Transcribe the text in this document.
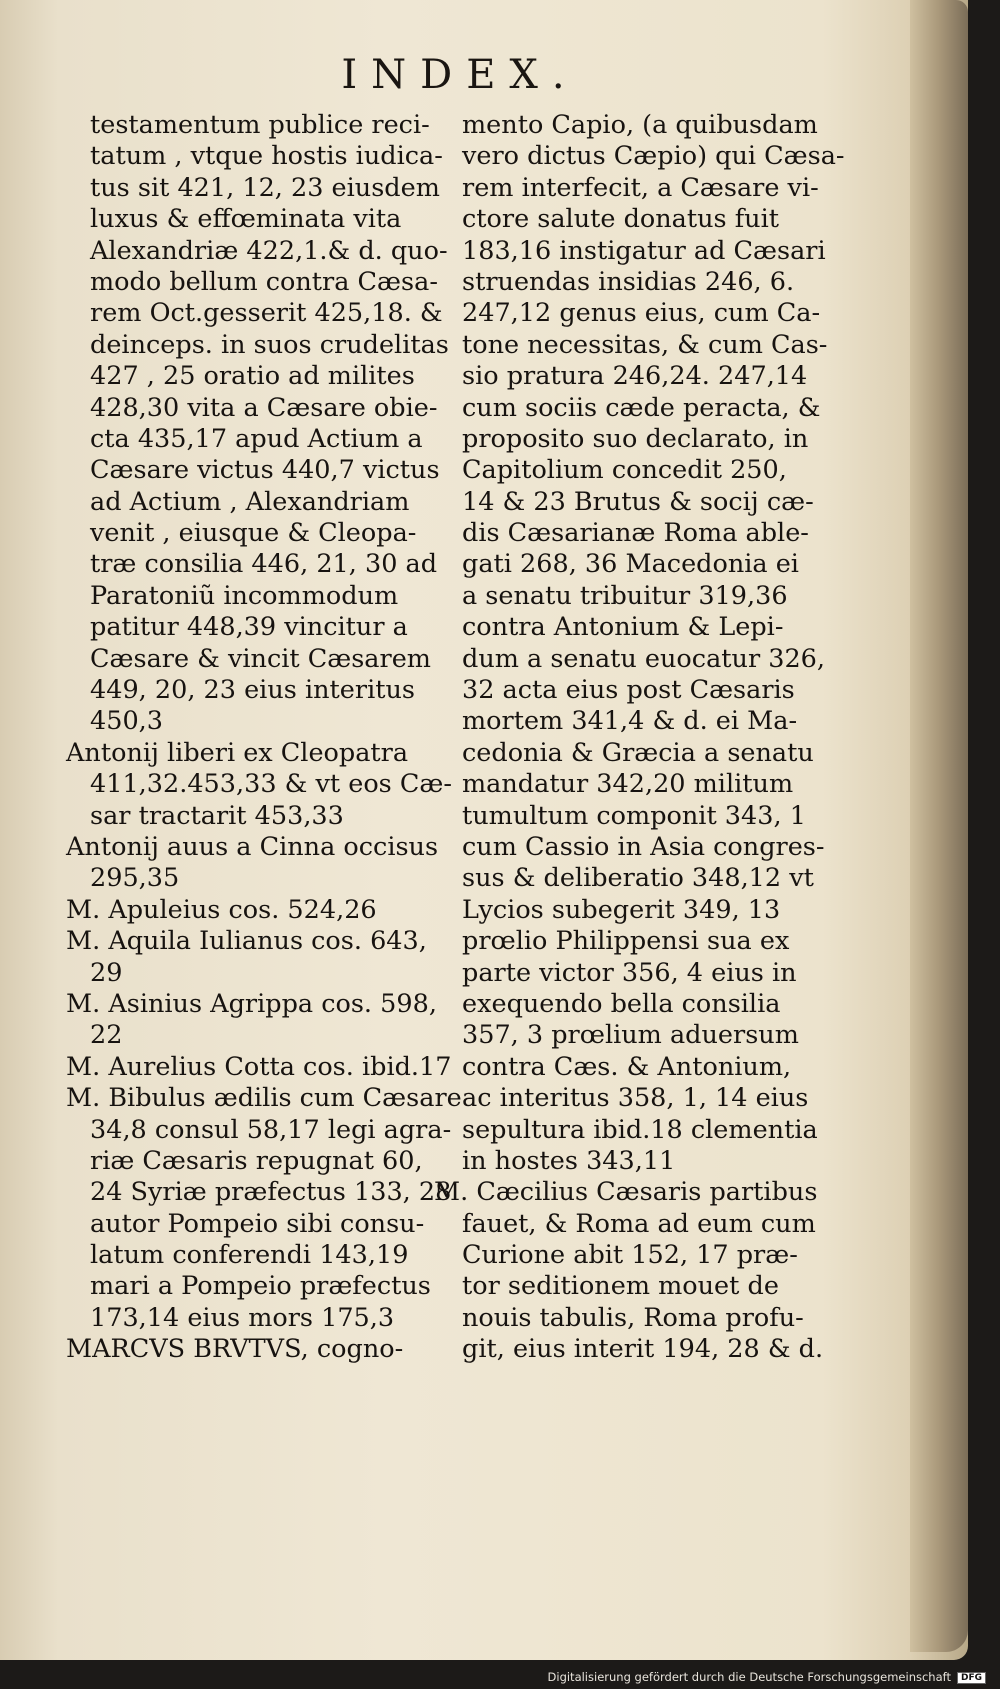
INDEX.
testamentum publice reci-
tatum , vtque hostis iudica-
tus sit 421, 12, 23 eiusdem
luxus & effœminata vita
Alexandriæ 422,1.& d. quo-
modo bellum contra Cæsa-
rem Oct.gesserit 425,18. &
deinceps. in suos crudelitas
427 , 25 oratio ad milites
428,30 vita a Cæsare obie-
cta 435,17 apud Actium a
Cæsare victus 440,7 victus
ad Actium , Alexandriam
venit , eiusque & Cleopa-
træ consilia 446, 21, 30 ad
Paratoniũ incommodum
patitur 448,39 vincitur a
Cæsare & vincit Cæsarem
449, 20, 23 eius interitus
450,3
Antonij liberi ex Cleopatra
411,32.453,33 & vt eos Cæ-
sar tractarit 453,33
Antonij auus a Cinna occisus
295,35
M. Apuleius cos. 524,26
M. Aquila Iulianus cos. 643,
29
M. Asinius Agrippa cos. 598,
22
M. Aurelius Cotta cos. ibid.17
M. Bibulus ædilis cum Cæsare
34,8 consul 58,17 legi agra-
riæ Cæsaris repugnat 60,
24 Syriæ præfectus 133, 28
autor Pompeio sibi consu-
latum conferendi 143,19
mari a Pompeio præfectus
173,14 eius mors 175,3
MARCVS BRVTVS, cogno-
mento Capio, (a quibusdam
vero dictus Cæpio) qui Cæsa-
rem interfecit, a Cæsare vi-
ctore salute donatus fuit
183,16 instigatur ad Cæsari
struendas insidias 246, 6.
247,12 genus eius, cum Ca-
tone necessitas, & cum Cas-
sio pratura 246,24. 247,14
cum sociis cæde peracta, &
proposito suo declarato, in
Capitolium concedit 250,
14 & 23 Brutus & socij cæ-
dis Cæsarianæ Roma able-
gati 268, 36 Macedonia ei
a senatu tribuitur 319,36
contra Antonium & Lepi-
dum a senatu euocatur 326,
32 acta eius post Cæsaris
mortem 341,4 & d. ei Ma-
cedonia & Græcia a senatu
mandatur 342,20 militum
tumultum componit 343, 1
cum Cassio in Asia congres-
sus & deliberatio 348,12 vt
Lycios subegerit 349, 13
prœlio Philippensi sua ex
parte victor 356, 4 eius in
exequendo bella consilia
357, 3 prœlium aduersum
contra Cæs. & Antonium,
ac interitus 358, 1, 14 eius
sepultura ibid.18 clementia
in hostes 343,11
M. Cæcilius Cæsaris partibus
fauet, & Roma ad eum cum
Curione abit 152, 17 præ-
tor seditionem mouet de
nouis tabulis, Roma profu-
git, eius interit 194, 28 & d.
Digitalisierung gefördert durch die Deutsche Forschungsgemeinschaft DFG
